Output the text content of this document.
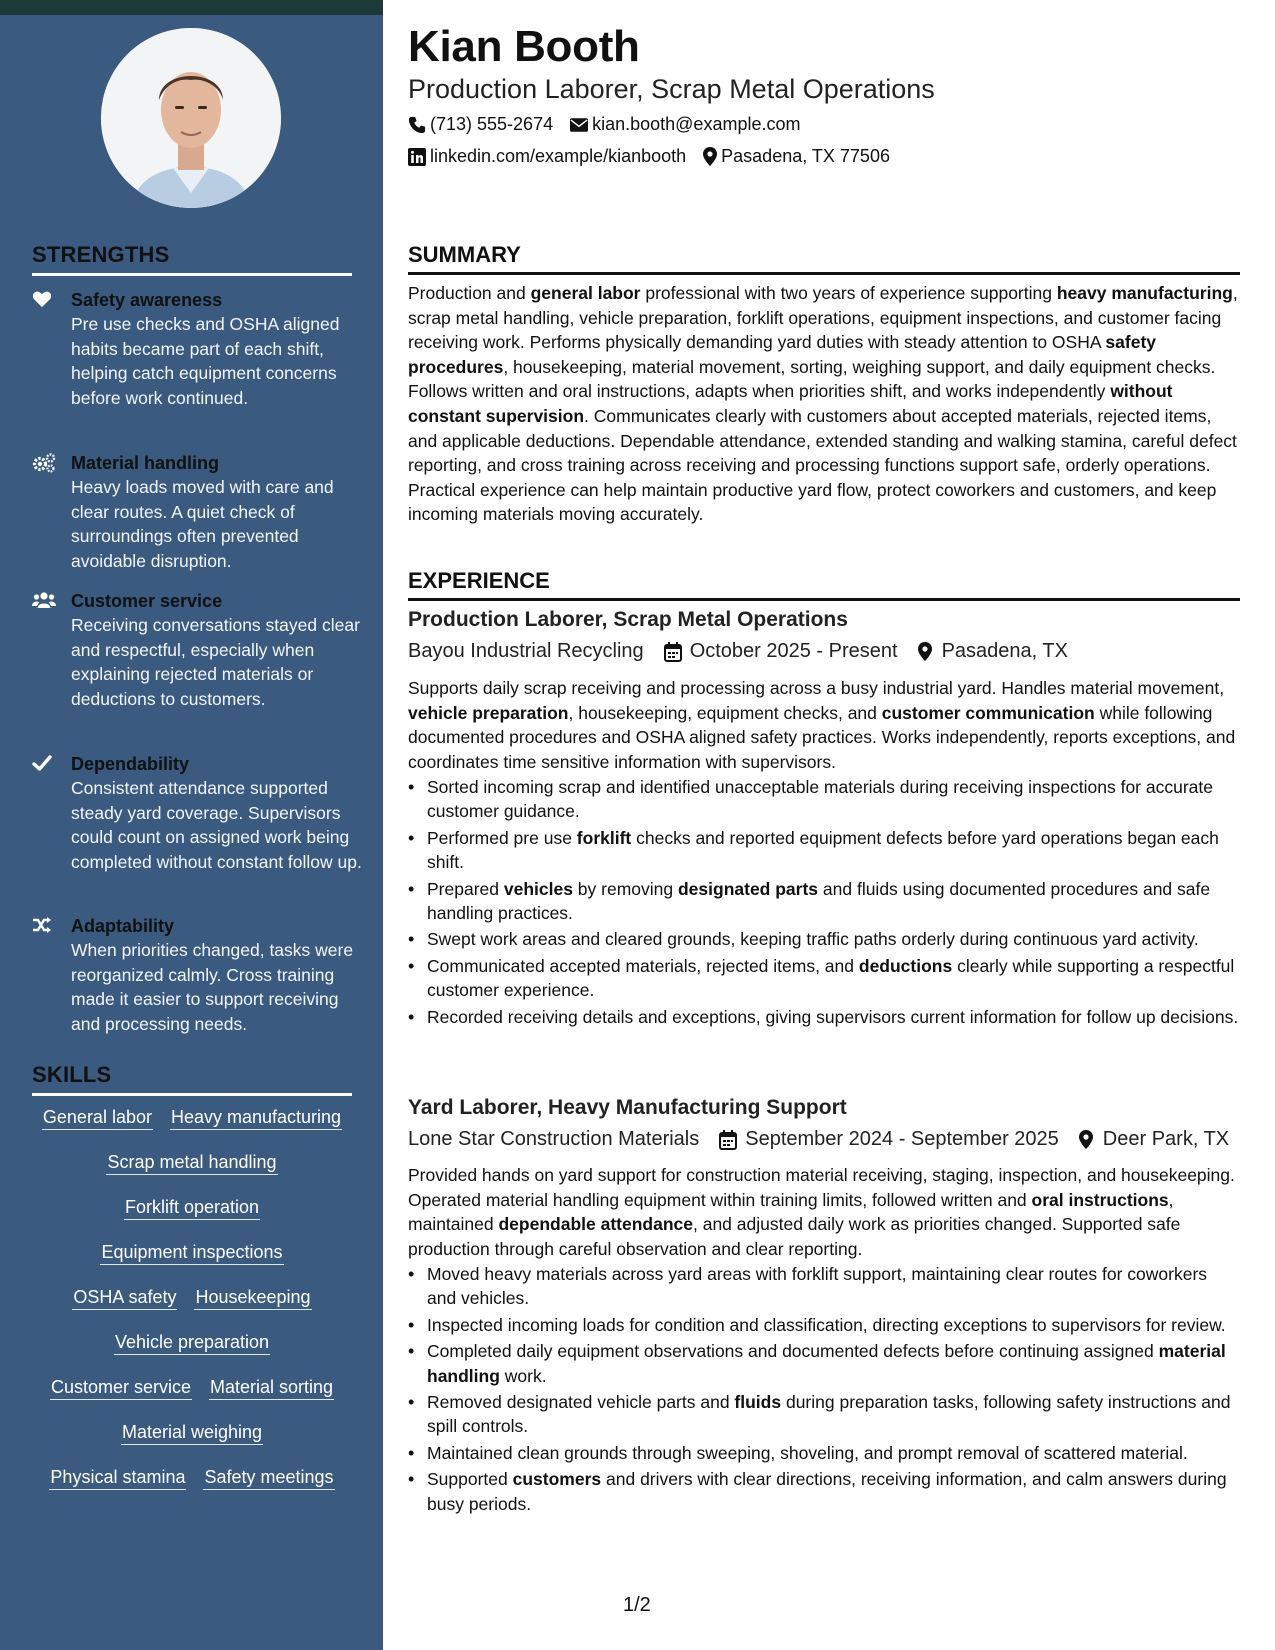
STRENGTHS
Safety awareness
Pre use checks and OSHA aligned habits became part of each shift, helping catch equipment concerns before work continued.
Material handling
Heavy loads moved with care and clear routes. A quiet check of surroundings often prevented avoidable disruption.
Customer service
Receiving conversations stayed clear and respectful, especially when explaining rejected materials or deductions to customers.
Dependability
Consistent attendance supported steady yard coverage. Supervisors could count on assigned work being completed without constant follow up.
Adaptability
When priorities changed, tasks were reorganized calmly. Cross training made it easier to support receiving and processing needs.
SKILLS
General labor Heavy manufacturing
Scrap metal handling
Forklift operation
Equipment inspections
OSHA safety Housekeeping
Vehicle preparation
Customer service Material sorting
Material weighing
Physical stamina Safety meetings
Kian Booth
Production Laborer, Scrap Metal Operations
(713) 555-2674 kian.booth@example.com
linkedin.com/example/kianbooth Pasadena, TX 77506
SUMMARY
Production and general labor professional with two years of experience supporting heavy manufacturing, scrap metal handling, vehicle preparation, forklift operations, equipment inspections, and customer facing receiving work. Performs physically demanding yard duties with steady attention to OSHA safety procedures, housekeeping, material movement, sorting, weighing support, and daily equipment checks. Follows written and oral instructions, adapts when priorities shift, and works independently without constant supervision. Communicates clearly with customers about accepted materials, rejected items, and applicable deductions. Dependable attendance, extended standing and walking stamina, careful defect reporting, and cross training across receiving and processing functions support safe, orderly operations. Practical experience can help maintain productive yard flow, protect coworkers and customers, and keep incoming materials moving accurately.
EXPERIENCE
Production Laborer, Scrap Metal Operations
Bayou Industrial Recycling October 2025 - Present Pasadena, TX
Supports daily scrap receiving and processing across a busy industrial yard. Handles material movement, vehicle preparation, housekeeping, equipment checks, and customer communication while following documented procedures and OSHA aligned safety practices. Works independently, reports exceptions, and coordinates time sensitive information with supervisors.
• Sorted incoming scrap and identified unacceptable materials during receiving inspections for accurate customer guidance.
• Performed pre use forklift checks and reported equipment defects before yard operations began each shift.
• Prepared vehicles by removing designated parts and fluids using documented procedures and safe handling practices.
• Swept work areas and cleared grounds, keeping traffic paths orderly during continuous yard activity.
• Communicated accepted materials, rejected items, and deductions clearly while supporting a respectful customer experience.
• Recorded receiving details and exceptions, giving supervisors current information for follow up decisions.
Yard Laborer, Heavy Manufacturing Support
Lone Star Construction Materials September 2024 - September 2025 Deer Park, TX
Provided hands on yard support for construction material receiving, staging, inspection, and housekeeping. Operated material handling equipment within training limits, followed written and oral instructions, maintained dependable attendance, and adjusted daily work as priorities changed. Supported safe production through careful observation and clear reporting.
• Moved heavy materials across yard areas with forklift support, maintaining clear routes for coworkers and vehicles.
• Inspected incoming loads for condition and classification, directing exceptions to supervisors for review.
• Completed daily equipment observations and documented defects before continuing assigned material handling work.
• Removed designated vehicle parts and fluids during preparation tasks, following safety instructions and spill controls.
• Maintained clean grounds through sweeping, shoveling, and prompt removal of scattered material.
• Supported customers and drivers with clear directions, receiving information, and calm answers during busy periods.
1/2
